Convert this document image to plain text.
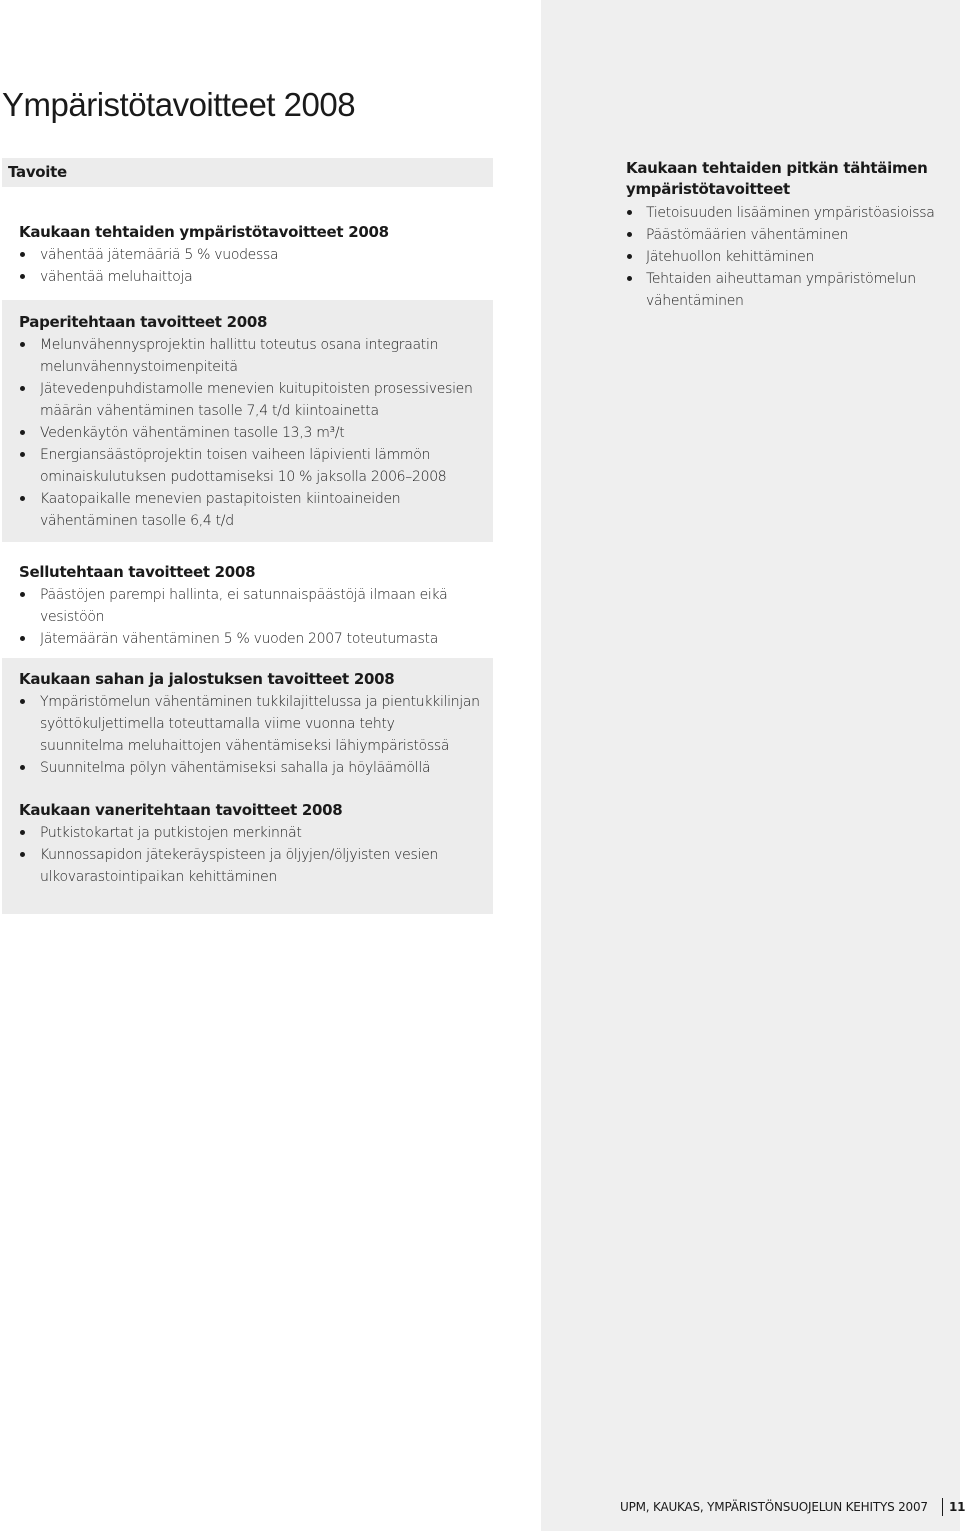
Ympäristötavoitteet 2008
Tavoite
Kaukaan tehtaiden ympäristötavoitteet 2008
vähentää jätemääriä 5 % vuodessa
vähentää meluhaittoja
Paperitehtaan tavoitteet 2008
Melunvähennysprojektin hallittu toteutus osana integraatin melunvähennystoimenpiteitä
Jätevedenpuhdistamolle menevien kuitupitoisten prosessivesien määrän vähentäminen tasolle 7,4 t/d kiintoainetta
Vedenkäytön vähentäminen tasolle 13,3 m³/t
Energiansäästöprojektin toisen vaiheen läpivienti lämmön ominaiskulutuksen pudottamiseksi 10 % jaksolla 2006–2008
Kaatopaikalle menevien pastapitoisten kiintoaineiden vähentäminen tasolle 6,4 t/d
Sellutehtaan tavoitteet 2008
Päästöjen parempi hallinta, ei satunnaispäästöjä ilmaan eikä vesistöön
Jätemäärän vähentäminen 5 % vuoden 2007 toteutumasta
Kaukaan sahan ja jalostuksen tavoitteet 2008
Ympäristömelun vähentäminen tukkilajittelussa ja pientukkilinjan syöttökuljettimella toteuttamalla viime vuonna tehty suunnitelma meluhaittojen vähentämiseksi lähiympäristössä
Suunnitelma pölyn vähentämiseksi sahalla ja höyläämöllä
Kaukaan vaneritehtaan tavoitteet 2008
Putkistokartat ja putkistojen merkinnät
Kunnossapidon jätekeräyspisteen ja öljyjen/öljyisten vesien ulkovarastointipaikan kehittäminen
Kaukaan tehtaiden pitkän tähtäimen ympäristötavoitteet
Tietoisuuden lisääminen ympäristöasioissa
Päästömäärien vähentäminen
Jätehuollon kehittäminen
Tehtaiden aiheuttaman ympäristömelun vähentäminen
UPM, KAUKAS, YMPÄRISTÖNSUOJELUN KEHITYS 2007	11
